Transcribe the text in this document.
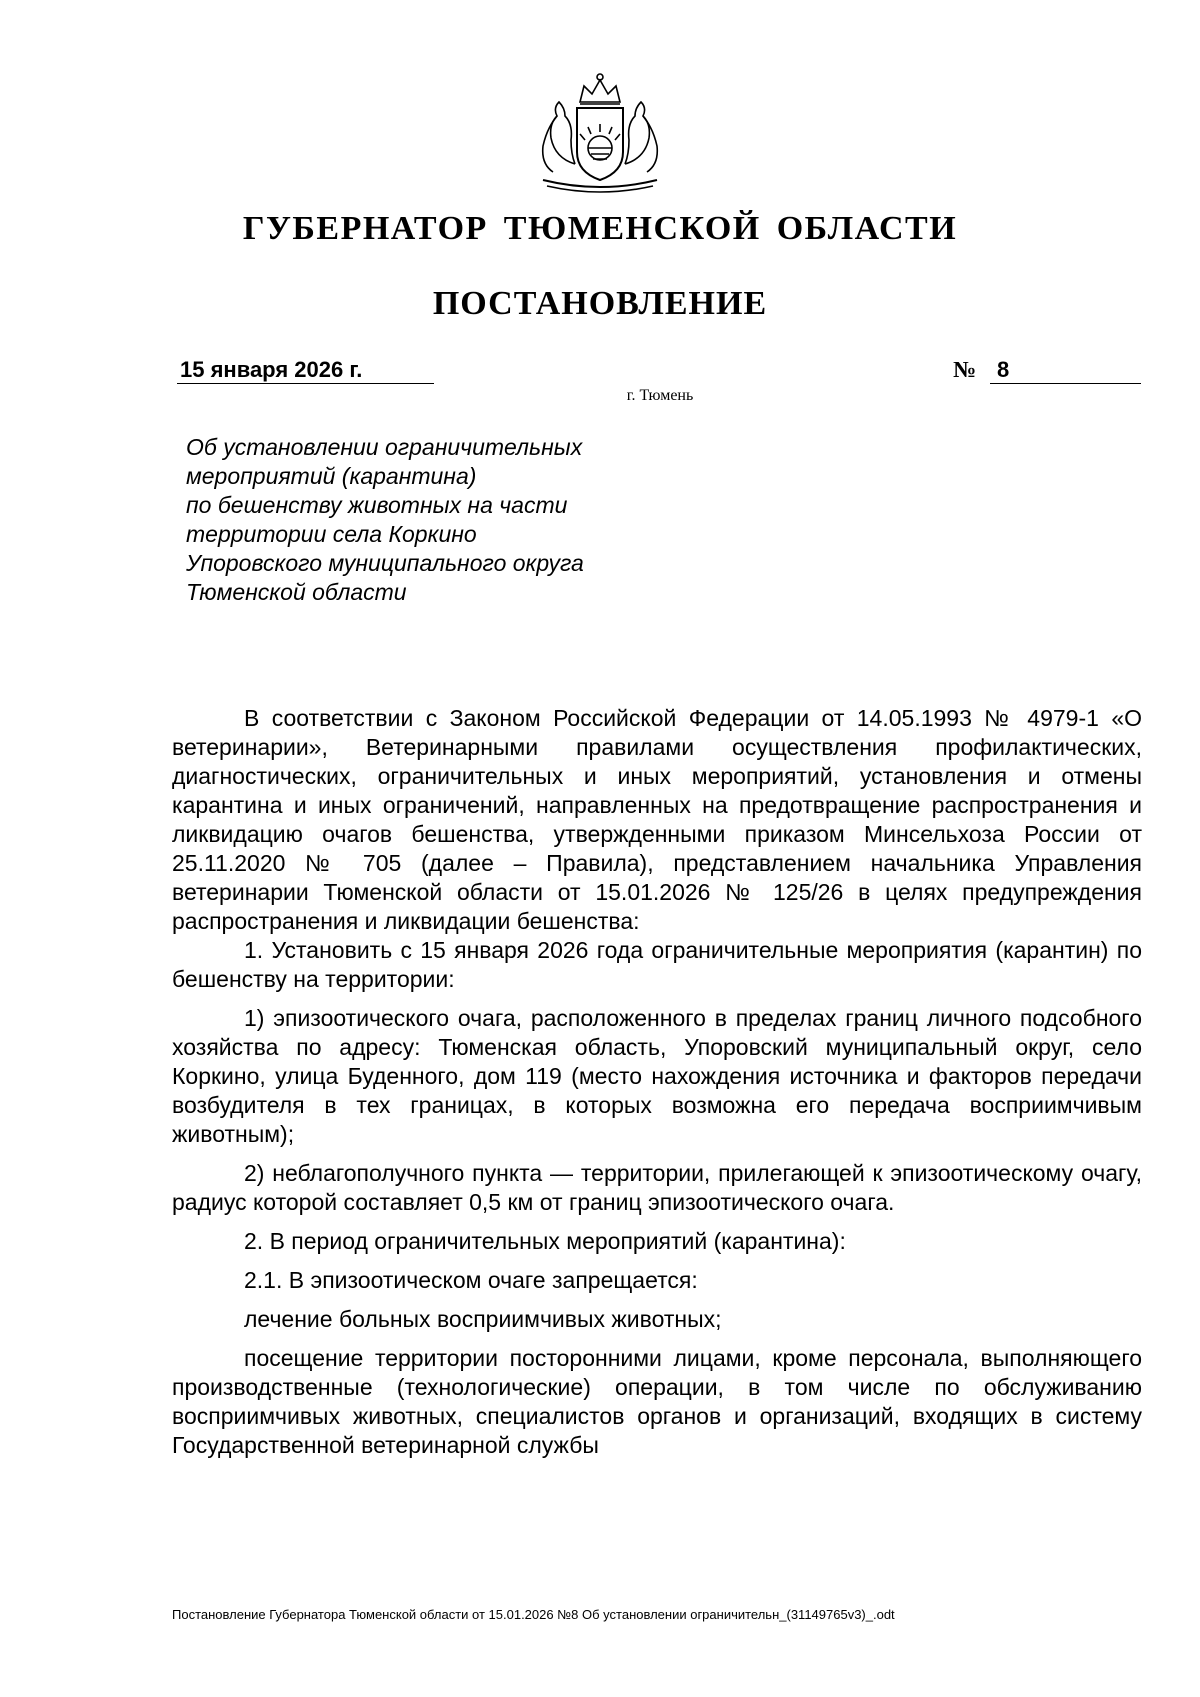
ГУБЕРНАТОР ТЮМЕНСКОЙ ОБЛАСТИ
ПОСТАНОВЛЕНИЕ
15 января 2026 г.	№ 8
г. Тюмень
Об установлении ограничительных
мероприятий (карантина)
по бешенству животных на части
территории села Коркино
Упоровского муниципального округа
Тюменской области

В соответствии с Законом Российской Федерации от 14.05.1993 № 4979-1 «О ветеринарии», Ветеринарными правилами осуществления профилактических, диагностических, ограничительных и иных мероприятий, установления и отмены карантина и иных ограничений, направленных на предотвращение распространения и ликвидацию очагов бешенства, утвержденными приказом Минсельхоза России от 25.11.2020 № 705 (далее – Правила), представлением начальника Управления ветеринарии Тюменской области от 15.01.2026 № 125/26 в целях предупреждения распространения и ликвидации бешенства:

1. Установить с 15 января 2026 года ограничительные мероприятия (карантин) по бешенству на территории:

1) эпизоотического очага, расположенного в пределах границ личного подсобного хозяйства по адресу: Тюменская область, Упоровский муниципальный округ, село Коркино, улица Буденного, дом 119 (место нахождения источника и факторов передачи возбудителя в тех границах, в которых возможна его передача восприимчивым животным);

2) неблагополучного пункта — территории, прилегающей к эпизоотическому очагу, радиус которой составляет 0,5 км от границ эпизоотического очага.

2. В период ограничительных мероприятий (карантина):

2.1. В эпизоотическом очаге запрещается:

лечение больных восприимчивых животных;

посещение территории посторонними лицами, кроме персонала, выполняющего производственные (технологические) операции, в том числе по обслуживанию восприимчивых животных, специалистов органов и организаций, входящих в систему Государственной ветеринарной службы

Постановление Губернатора Тюменской области от 15.01.2026 №8 Об установлении ограничительн_(31149765v3)_.odt
